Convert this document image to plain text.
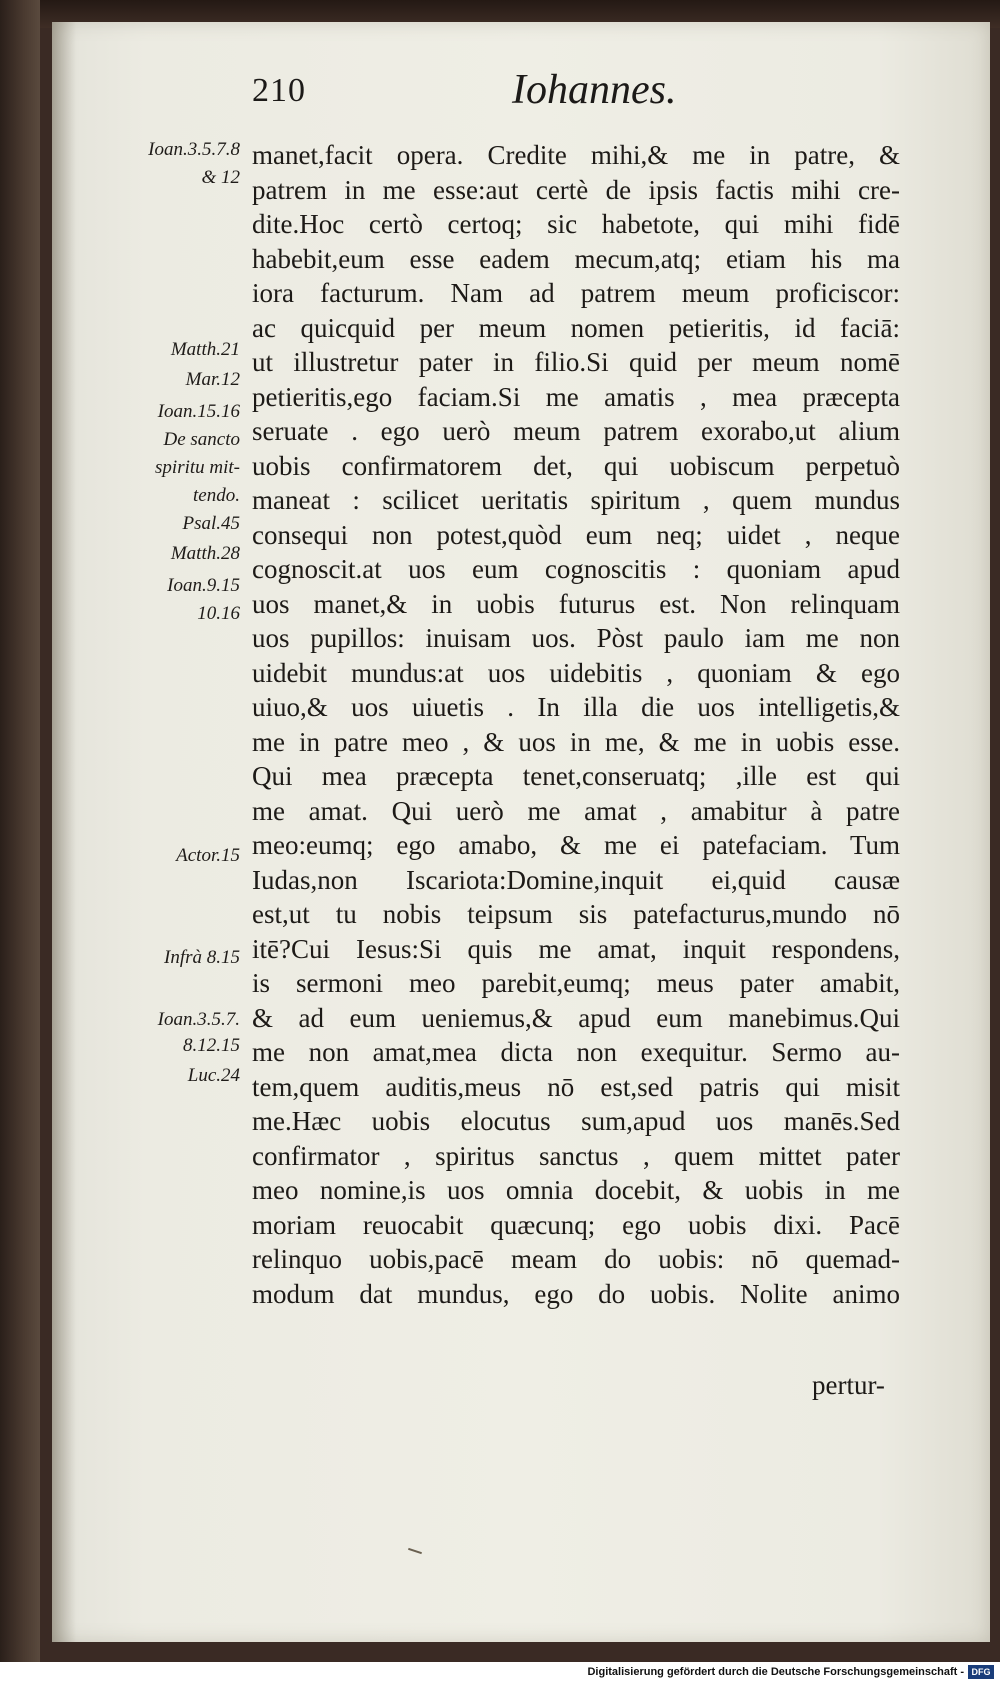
210	Iohannes.
Ioan.3.5.7.8
& 12
Matth.21
Mar.12
Ioan.15.16
De sancto
spiritu mit-
tendo.
Psal.45
Matth.28
Ioan.9.15
10.16
Actor.15
Infrà 8.15
Ioan.3.5.7.
8.12.15
Luc.24
manet,facit opera. Credite mihi,& me in patre, &
patrem in me esse:aut certè de ipsis factis mihi cre-
dite.Hoc certò certoq; sic habetote, qui mihi fidē
habebit,eum esse eadem mecum,atq; etiam his ma
iora facturum. Nam ad patrem meum proficiscor:
ac quicquid per meum nomen petieritis, id faciā:
ut illustretur pater in filio.Si quid per meum nomē
petieritis,ego faciam.Si me amatis , mea præcepta
seruate . ego uerò meum patrem exorabo,ut alium
uobis confirmatorem det, qui uobiscum perpetuò
maneat : scilicet ueritatis spiritum , quem mundus
consequi non potest,quòd eum neq; uidet , neque
cognoscit.at uos eum cognoscitis : quoniam apud
uos manet,& in uobis futurus est. Non relinquam
uos pupillos: inuisam uos. Pòst paulo iam me non
uidebit mundus:at uos uidebitis , quoniam & ego
uiuo,& uos uiuetis . In illa die uos intelligetis,&
me in patre meo , & uos in me, & me in uobis esse.
Qui mea præcepta tenet,conseruatq; ,ille est qui
me amat. Qui uerò me amat , amabitur à patre
meo:eumq; ego amabo, & me ei patefaciam. Tum
Iudas,non Iscariota:Domine,inquit ei,quid causæ
est,ut tu nobis teipsum sis patefacturus,mundo nō
itē?Cui Iesus:Si quis me amat, inquit respondens,
is sermoni meo parebit,eumq; meus pater amabit,
& ad eum ueniemus,& apud eum manebimus.Qui
me non amat,mea dicta non exequitur. Sermo au-
tem,quem auditis,meus nō est,sed patris qui misit
me.Hæc uobis elocutus sum,apud uos manēs.Sed
confirmator , spiritus sanctus , quem mittet pater
meo nomine,is uos omnia docebit, & uobis in me
moriam reuocabit quæcunq; ego uobis dixi. Pacē
relinquo uobis,pacē meam do uobis: nō quemad-
modum dat mundus, ego do uobis. Nolite animo
pertur-
Digitalisierung gefördert durch die Deutsche Forschungsgemeinschaft - DFG
